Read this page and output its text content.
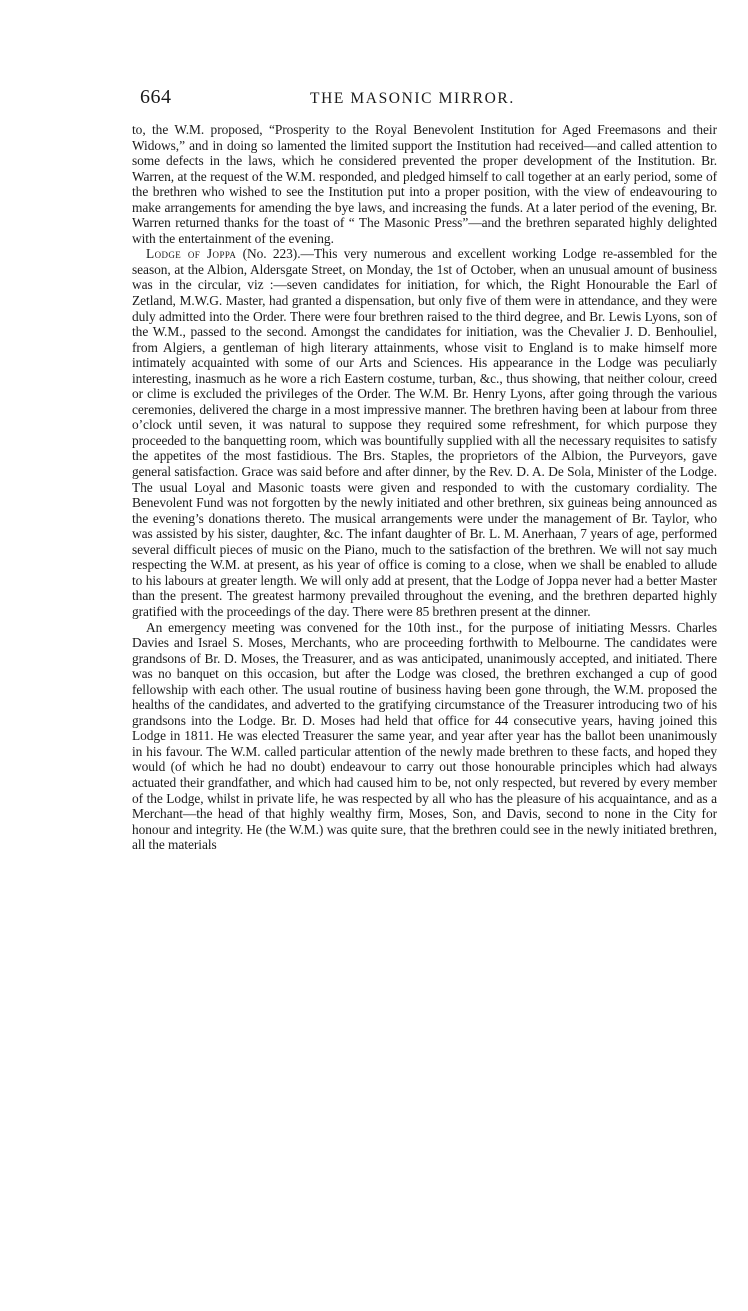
664	THE MASONIC MIRROR.

to, the W.M. proposed, “Prosperity to the Royal Benevolent Institution for Aged Freemasons and their Widows,” and in doing so lamented the limited support the Institution had received—and called attention to some defects in the laws, which he considered prevented the proper development of the Institution. Br. Warren, at the request of the W.M. responded, and pledged himself to call together at an early period, some of the brethren who wished to see the Institution put into a proper position, with the view of endeavouring to make arrangements for amending the bye laws, and increasing the funds. At a later period of the evening, Br. Warren returned thanks for the toast of “ The Masonic Press”—and the brethren separated highly delighted with the entertainment of the evening.

Lodge of Joppa (No. 223).—This very numerous and excellent working Lodge re-assembled for the season, at the Albion, Aldersgate Street, on Monday, the 1st of October, when an unusual amount of business was in the circular, viz :—seven candidates for initiation, for which, the Right Honourable the Earl of Zetland, M.W.G. Master, had granted a dispensation, but only five of them were in attendance, and they were duly admitted into the Order. There were four brethren raised to the third degree, and Br. Lewis Lyons, son of the W.M., passed to the second. Amongst the candidates for initiation, was the Chevalier J. D. Benhouliel, from Algiers, a gentleman of high literary attainments, whose visit to England is to make himself more intimately acquainted with some of our Arts and Sciences. His appearance in the Lodge was peculiarly interesting, inasmuch as he wore a rich Eastern costume, turban, &c., thus showing, that neither colour, creed or clime is excluded the privileges of the Order. The W.M. Br. Henry Lyons, after going through the various ceremonies, delivered the charge in a most impressive manner. The brethren having been at labour from three o’clock until seven, it was natural to suppose they required some refreshment, for which purpose they proceeded to the banquetting room, which was bountifully supplied with all the necessary requisites to satisfy the appetites of the most fastidious. The Brs. Staples, the proprietors of the Albion, the Purveyors, gave general satisfaction. Grace was said before and after dinner, by the Rev. D. A. De Sola, Minister of the Lodge. The usual Loyal and Masonic toasts were given and responded to with the customary cordiality. The Benevolent Fund was not forgotten by the newly initiated and other brethren, six guineas being announced as the evening’s donations thereto. The musical arrangements were under the management of Br. Taylor, who was assisted by his sister, daughter, &c. The infant daughter of Br. L. M. Anerhaan, 7 years of age, performed several difficult pieces of music on the Piano, much to the satisfaction of the brethren. We will not say much respecting the W.M. at present, as his year of office is coming to a close, when we shall be enabled to allude to his labours at greater length. We will only add at present, that the Lodge of Joppa never had a better Master than the present. The greatest harmony prevailed throughout the evening, and the brethren departed highly gratified with the proceedings of the day. There were 85 brethren present at the dinner.

An emergency meeting was convened for the 10th inst., for the purpose of initiating Messrs. Charles Davies and Israel S. Moses, Merchants, who are proceeding forthwith to Melbourne. The candidates were grandsons of Br. D. Moses, the Treasurer, and as was anticipated, unanimously accepted, and initiated. There was no banquet on this occasion, but after the Lodge was closed, the brethren exchanged a cup of good fellowship with each other. The usual routine of business having been gone through, the W.M. proposed the healths of the candidates, and adverted to the gratifying circumstance of the Treasurer introducing two of his grandsons into the Lodge. Br. D. Moses had held that office for 44 consecutive years, having joined this Lodge in 1811. He was elected Treasurer the same year, and year after year has the ballot been unanimously in his favour. The W.M. called particular attention of the newly made brethren to these facts, and hoped they would (of which he had no doubt) endeavour to carry out those honourable principles which had always actuated their grandfather, and which had caused him to be, not only respected, but revered by every member of the Lodge, whilst in private life, he was respected by all who has the pleasure of his acquaintance, and as a Merchant—the head of that highly wealthy firm, Moses, Son, and Davis, second to none in the City for honour and integrity. He (the W.M.) was quite sure, that the brethren could see in the newly initiated brethren, all the materials
